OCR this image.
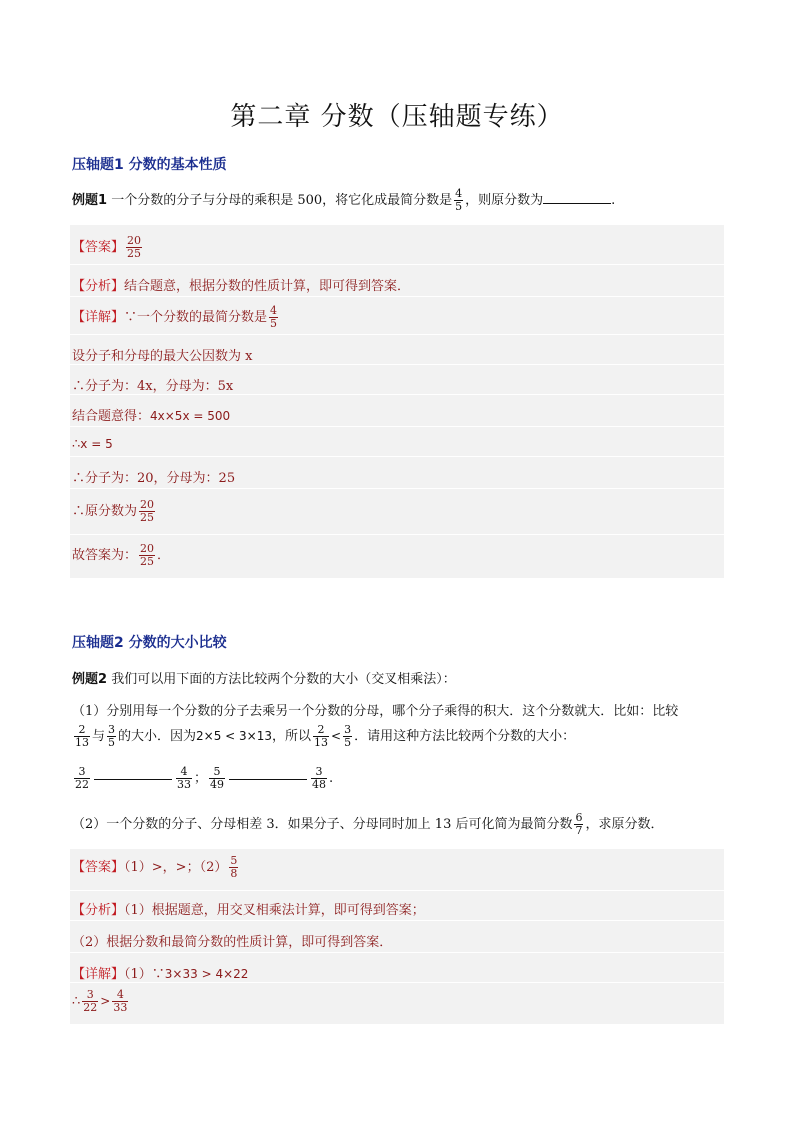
第二章 分数（压轴题专练）
压轴题1 分数的基本性质
例题1 一个分数的分子与分母的乘积是 500，将它化成最简分数是 $\frac{4}{5}$ ，则原分数为	.
【答案】 $\frac{20}{25}$
【分析】结合题意，根据分数的性质计算，即可得到答案．
【详解】∵一个分数的最简分数是 $\frac{4}{5}$
设分子和分母的最大公因数为 x
∴分子为：4x，分母为：5x
结合题意得：4x×5x = 500
∴x = 5
∴分子为：20，分母为：25
∴原分数为 $\frac{20}{25}$
故答案为： $\frac{20}{25}$ ．
压轴题2 分数的大小比较
例题2 我们可以用下面的方法比较两个分数的大小（交叉相乘法）：
（1）分别用每一个分数的分子去乘另一个分数的分母，哪个分子乘得的积大．这个分数就大．比如：比较
$\frac{2}{13}$ 与 $\frac{3}{5}$ 的大小．因为2×5 < 3×13，所以 $\frac{2}{13} < \frac{3}{5}$ ．请用这种方法比较两个分数的大小：
$\frac{3}{22}$	$\frac{4}{33}$ ； $\frac{5}{49}$	$\frac{3}{48}$ .
（2）一个分数的分子、分母相差 3．如果分子、分母同时加上 13 后可化简为最简分数 $\frac{6}{7}$ ，求原分数．
【答案】（1）>，>；$(2) \frac{5}{8}$
【分析】（1）根据题意，用交叉相乘法计算，即可得到答案；
（2）根据分数和最简分数的性质计算，即可得到答案．
【详解】（1）∵3×33 > 4×22
∴ $\frac{3}{22} > \frac{4}{33}$
